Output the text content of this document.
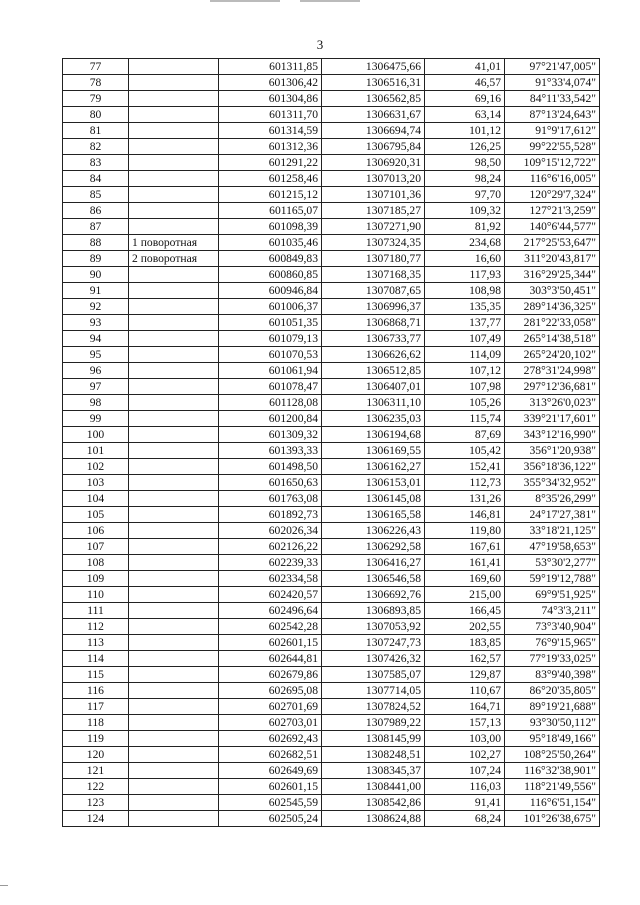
3
77		601311,85	1306475,66	41,01	97°21'47,005"
78		601306,42	1306516,31	46,57	91°33'4,074"
79		601304,86	1306562,85	69,16	84°11'33,542"
80		601311,70	1306631,67	63,14	87°13'24,643"
81		601314,59	1306694,74	101,12	91°9'17,612"
82		601312,36	1306795,84	126,25	99°22'55,528"
83		601291,22	1306920,31	98,50	109°15'12,722"
84		601258,46	1307013,20	98,24	116°6'16,005"
85		601215,12	1307101,36	97,70	120°29'7,324"
86		601165,07	1307185,27	109,32	127°21'3,259"
87		601098,39	1307271,90	81,92	140°6'44,577"
88	1 поворотная	601035,46	1307324,35	234,68	217°25'53,647"
89	2 поворотная	600849,83	1307180,77	16,60	311°20'43,817"
90		600860,85	1307168,35	117,93	316°29'25,344"
91		600946,84	1307087,65	108,98	303°3'50,451"
92		601006,37	1306996,37	135,35	289°14'36,325"
93		601051,35	1306868,71	137,77	281°22'33,058"
94		601079,13	1306733,77	107,49	265°14'38,518"
95		601070,53	1306626,62	114,09	265°24'20,102"
96		601061,94	1306512,85	107,12	278°31'24,998"
97		601078,47	1306407,01	107,98	297°12'36,681"
98		601128,08	1306311,10	105,26	313°26'0,023"
99		601200,84	1306235,03	115,74	339°21'17,601"
100		601309,32	1306194,68	87,69	343°12'16,990"
101		601393,33	1306169,55	105,42	356°1'20,938"
102		601498,50	1306162,27	152,41	356°18'36,122"
103		601650,63	1306153,01	112,73	355°34'32,952"
104		601763,08	1306145,08	131,26	8°35'26,299"
105		601892,73	1306165,58	146,81	24°17'27,381"
106		602026,34	1306226,43	119,80	33°18'21,125"
107		602126,22	1306292,58	167,61	47°19'58,653"
108		602239,33	1306416,27	161,41	53°30'2,277"
109		602334,58	1306546,58	169,60	59°19'12,788"
110		602420,57	1306692,76	215,00	69°9'51,925"
111		602496,64	1306893,85	166,45	74°3'3,211"
112		602542,28	1307053,92	202,55	73°3'40,904"
113		602601,15	1307247,73	183,85	76°9'15,965"
114		602644,81	1307426,32	162,57	77°19'33,025"
115		602679,86	1307585,07	129,87	83°9'40,398"
116		602695,08	1307714,05	110,67	86°20'35,805"
117		602701,69	1307824,52	164,71	89°19'21,688"
118		602703,01	1307989,22	157,13	93°30'50,112"
119		602692,43	1308145,99	103,00	95°18'49,166"
120		602682,51	1308248,51	102,27	108°25'50,264"
121		602649,69	1308345,37	107,24	116°32'38,901"
122		602601,15	1308441,00	116,03	118°21'49,556"
123		602545,59	1308542,86	91,41	116°6'51,154"
124		602505,24	1308624,88	68,24	101°26'38,675"
